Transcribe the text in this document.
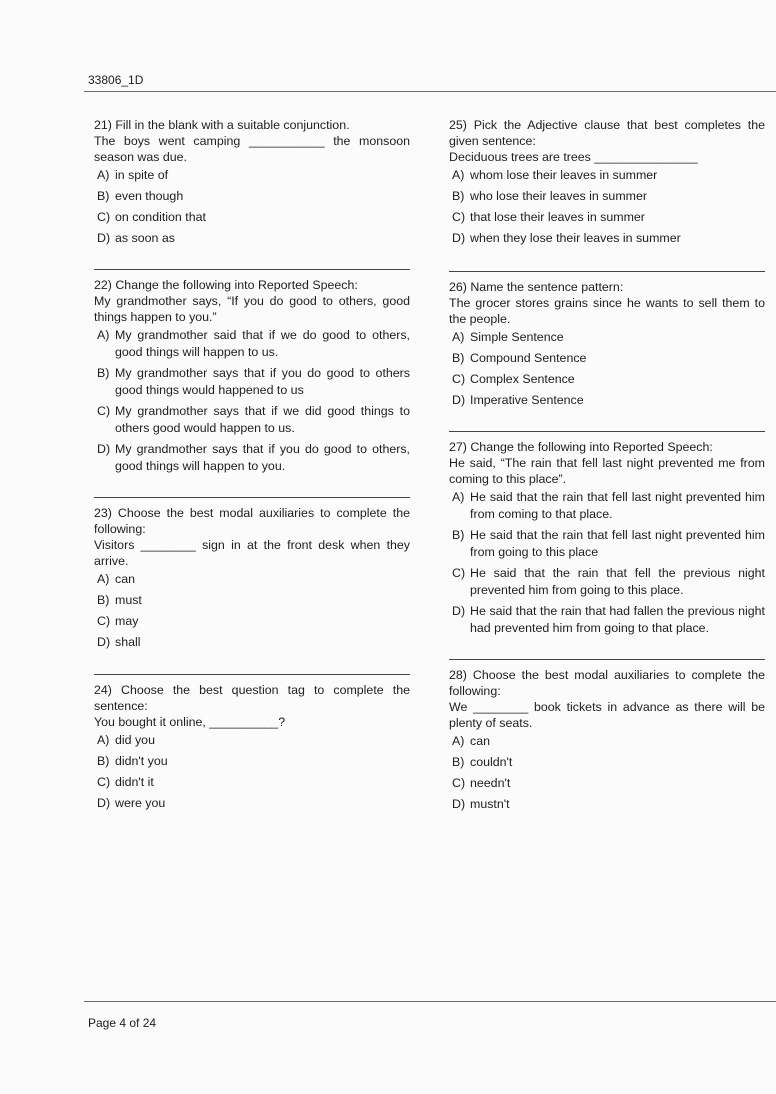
33806_1D
21) Fill in the blank with a suitable conjunction.
The boys went camping ___________ the monsoon season was due.
A) in spite of
B) even though
C) on condition that
D) as soon as
22) Change the following into Reported Speech:
My grandmother says, “If you do good to others, good things happen to you.”
A) My grandmother said that if we do good to others, good things will happen to us.
B) My grandmother says that if you do good to others good things would happened to us
C) My grandmother says that if we did good things to others good would happen to us.
D) My grandmother says that if you do good to others, good things will happen to you.
23) Choose the best modal auxiliaries to complete the following:
Visitors ________ sign in at the front desk when they arrive.
A) can
B) must
C) may
D) shall
24) Choose the best question tag to complete the sentence:
You bought it online, __________?
A) did you
B) didn't you
C) didn't it
D) were you
25) Pick the Adjective clause that best completes the given sentence:
Deciduous trees are trees _______________
A) whom lose their leaves in summer
B) who lose their leaves in summer
C) that lose their leaves in summer
D) when they lose their leaves in summer
26) Name the sentence pattern:
The grocer stores grains since he wants to sell them to the people.
A) Simple Sentence
B) Compound Sentence
C) Complex Sentence
D) Imperative Sentence
27) Change the following into Reported Speech:
He said, “The rain that fell last night prevented me from coming to this place”.
A) He said that the rain that fell last night prevented him from coming to that place.
B) He said that the rain that fell last night prevented him from going to this place
C) He said that the rain that fell the previous night prevented him from going to this place.
D) He said that the rain that had fallen the previous night had prevented him from going to that place.
28) Choose the best modal auxiliaries to complete the following:
We ________ book tickets in advance as there will be plenty of seats.
A) can
B) couldn't
C) needn't
D) mustn't
Page 4 of 24
